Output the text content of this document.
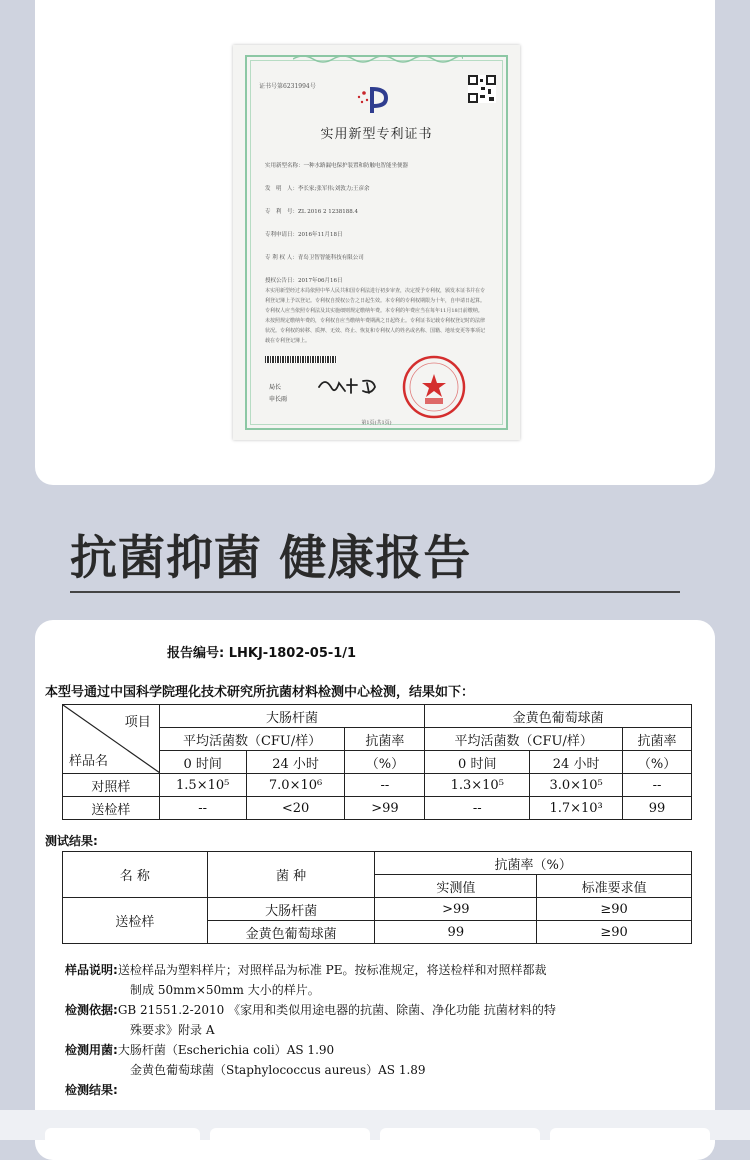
证书号第6231994号
实用新型专利证书
实用新型名称：一种水路漏电保护装置和防触电智能坐便器
发　明　人：李长家;张军伟;刘敦力;王彦余
专　利　号：ZL 2016 2 1238188.4
专利申请日：2016年11月18日
专 利 权 人：青岛卫智智能科技有限公司
授权公告日：2017年06月16日
本实用新型经过本局依照中华人民共和国专利法进行初步审查，决定授予专利权，颁发本证书并在专利登记簿上予以登记。专利权自授权公告之日起生效。本专利的专利权期限为十年，自申请日起算。专利权人应当依照专利法及其实施细则规定缴纳年费。本专利的年费应当在每年11月18日前缴纳。未按照规定缴纳年费的，专利权自应当缴纳年费期满之日起终止。专利证书记载专利权登记时的法律状况。专利权的转移、质押、无效、终止、恢复和专利权人的姓名或名称、国籍、地址变更等事项记载在专利登记簿上。
局长
申长雨
第1页(共1页)
抗菌抑菌 健康报告
报告编号: LHKJ-1802-05-1/1
本型号通过中国科学院理化技术研究所抗菌材料检测中心检测，结果如下：
项目
样品名	大肠杆菌			金黄色葡萄球菌		
	平均活菌数（CFU/样）		抗菌率	平均活菌数（CFU/样）		抗菌率
	0 时间	24 小时	（%）	0 时间	24 小时	（%）
对照样	1.5×10⁵	7.0×10⁶	--	1.3×10⁵	3.0×10⁵	--
送检样	--	<20	>99	--	1.7×10³	99
测试结果:
名 称	菌 种	抗菌率（%）	
		实测值	标准要求值
送检样	大肠杆菌	>99	≥90
	金黄色葡萄球菌	99	≥90
样品说明:送检样品为塑料样片；对照样品为标准 PE。按标准规定，将送检样和对照样都裁
制成 50mm×50mm 大小的样片。
检测依据:GB 21551.2-2010 《家用和类似用途电器的抗菌、除菌、净化功能 抗菌材料的特
殊要求》附录 A
检测用菌:大肠杆菌（Escherichia coli）AS 1.90
金黄色葡萄球菌（Staphylococcus aureus）AS 1.89
检测结果:
